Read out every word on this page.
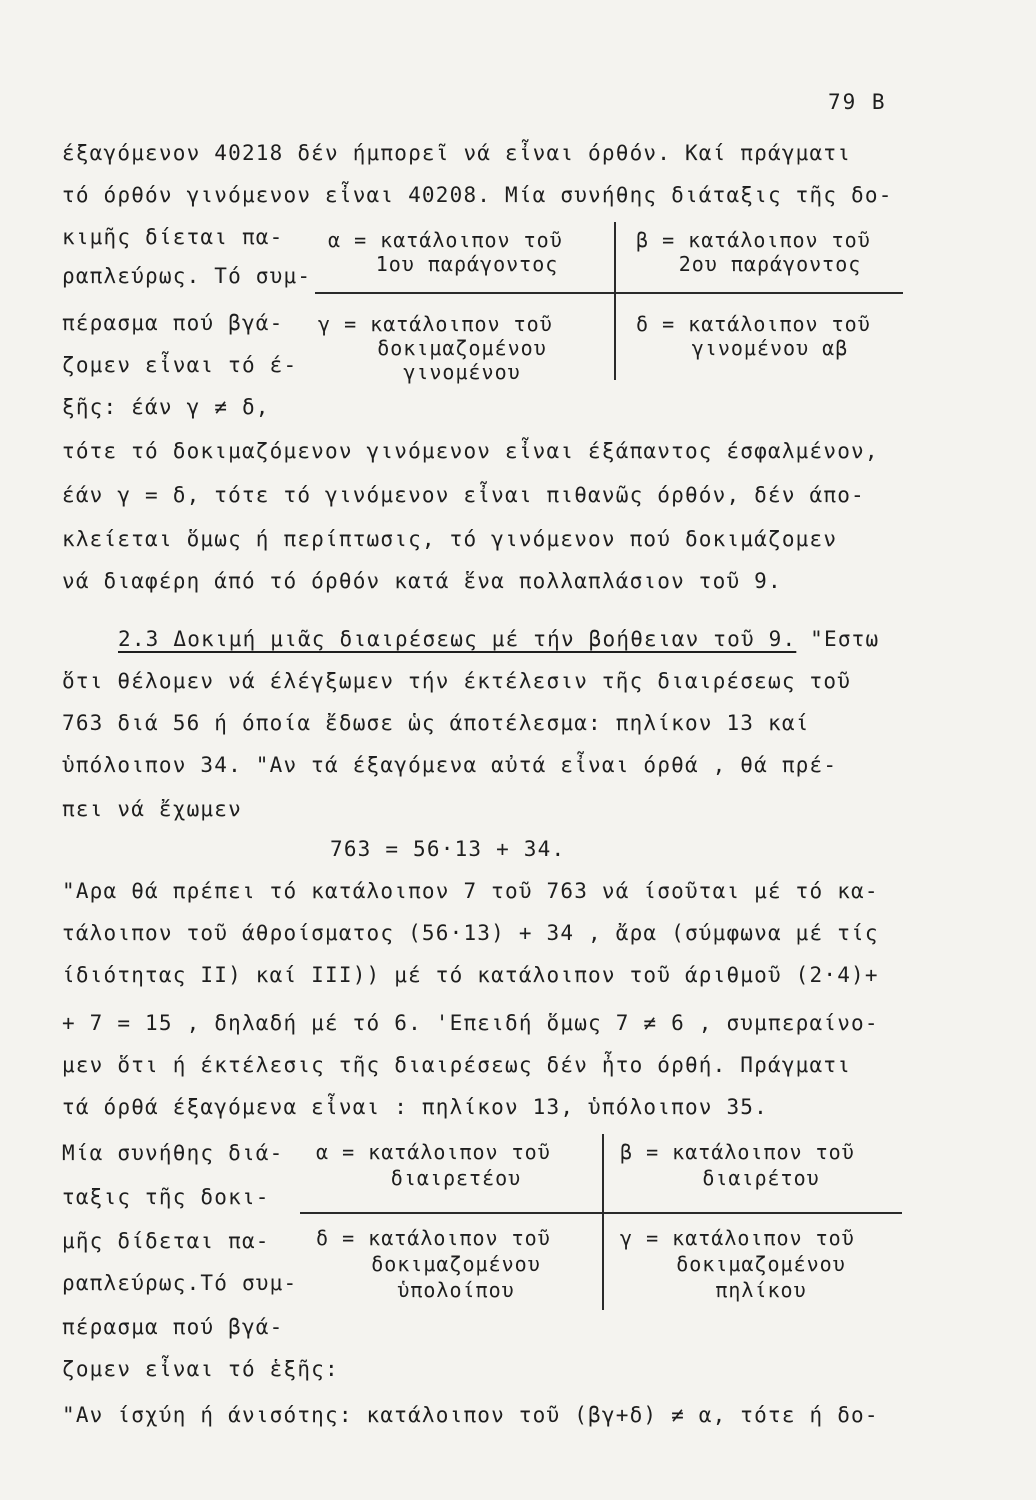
79 Β
έξαγόμενον 40218 δέν ήμπορεῖ νά εἶναι όρθόν. Καί πράγματι
τό όρθόν γινόμενον εἶναι 40208. Μία συνήθης διάταξις τῆς δο-
κιμῆς δίεται πα-
ραπλεύρως. Τό συμ-
πέρασμα πού βγά-
ζομεν εἶναι τό έ-
ξῆς: έάν γ ≠ δ,
α = κατάλοιπον τοῦ
1ου παράγοντος
β = κατάλοιπον τοῦ
2ου παράγοντος
γ = κατάλοιπον τοῦ
δοκιμαζομένου
γινομένου
δ = κατάλοιπον τοῦ
γινομένου αβ
τότε τό δοκιμαζόμενον γινόμενον εἶναι έξάπαντος έσφαλμένον,
έάν γ = δ, τότε τό γινόμενον εἶναι πιθανῶς όρθόν, δέν άπο-
κλείεται ὅμως ή περίπτωσις, τό γινόμενον πού δοκιμάζομεν
νά διαφέρη άπό τό όρθόν κατά ἕνα πολλαπλάσιον τοῦ 9.
2.3 Δοκιμή μιᾶς διαιρέσεως μέ τήν βοήθειαν τοῦ 9. "Εστω
ὅτι θέλομεν νά έλέγξωμεν τήν έκτέλεσιν τῆς διαιρέσεως τοῦ
763 διά 56 ή όποία ἔδωσε ὡς άποτέλεσμα: πηλίκον 13 καί
ὑπόλοιπον 34. "Αν τά έξαγόμενα αὐτά εἶναι όρθά , θά πρέ-
πει νά ἔχωμεν
763 = 56·13 + 34.
"Αρα θά πρέπει τό κατάλοιπον 7 τοῦ 763 νά ίσοῦται μέ τό κα-
τάλοιπον τοῦ άθροίσματος (56·13) + 34 , ἄρα (σύμφωνα μέ τίς
ίδιότητας ΙΙ) καί ΙΙΙ)) μέ τό κατάλοιπον τοῦ άριθμοῦ (2·4)+
+ 7 = 15 , δηλαδή μέ τό 6. 'Επειδή ὅμως 7 ≠ 6 , συμπεραίνο-
μεν ὅτι ή έκτέλεσις τῆς διαιρέσεως δέν ἦτο όρθή. Πράγματι
τά όρθά έξαγόμενα εἶναι : πηλίκον 13, ὑπόλοιπον 35.
Μία συνήθης διά-
ταξις τῆς δοκι-
μῆς δίδεται πα-
ραπλεύρως.Τό συμ-
πέρασμα πού βγά-
ζομεν εἶναι τό ἑξῆς:
α = κατάλοιπον τοῦ
διαιρετέου
β = κατάλοιπον τοῦ
διαιρέτου
δ = κατάλοιπον τοῦ
δοκιμαζομένου
ὑπολοίπου
γ = κατάλοιπον τοῦ
δοκιμαζομένου
πηλίκου
"Αν ίσχύη ή άνισότης: κατάλοιπον τοῦ (βγ+δ) ≠ α, τότε ή δο-
